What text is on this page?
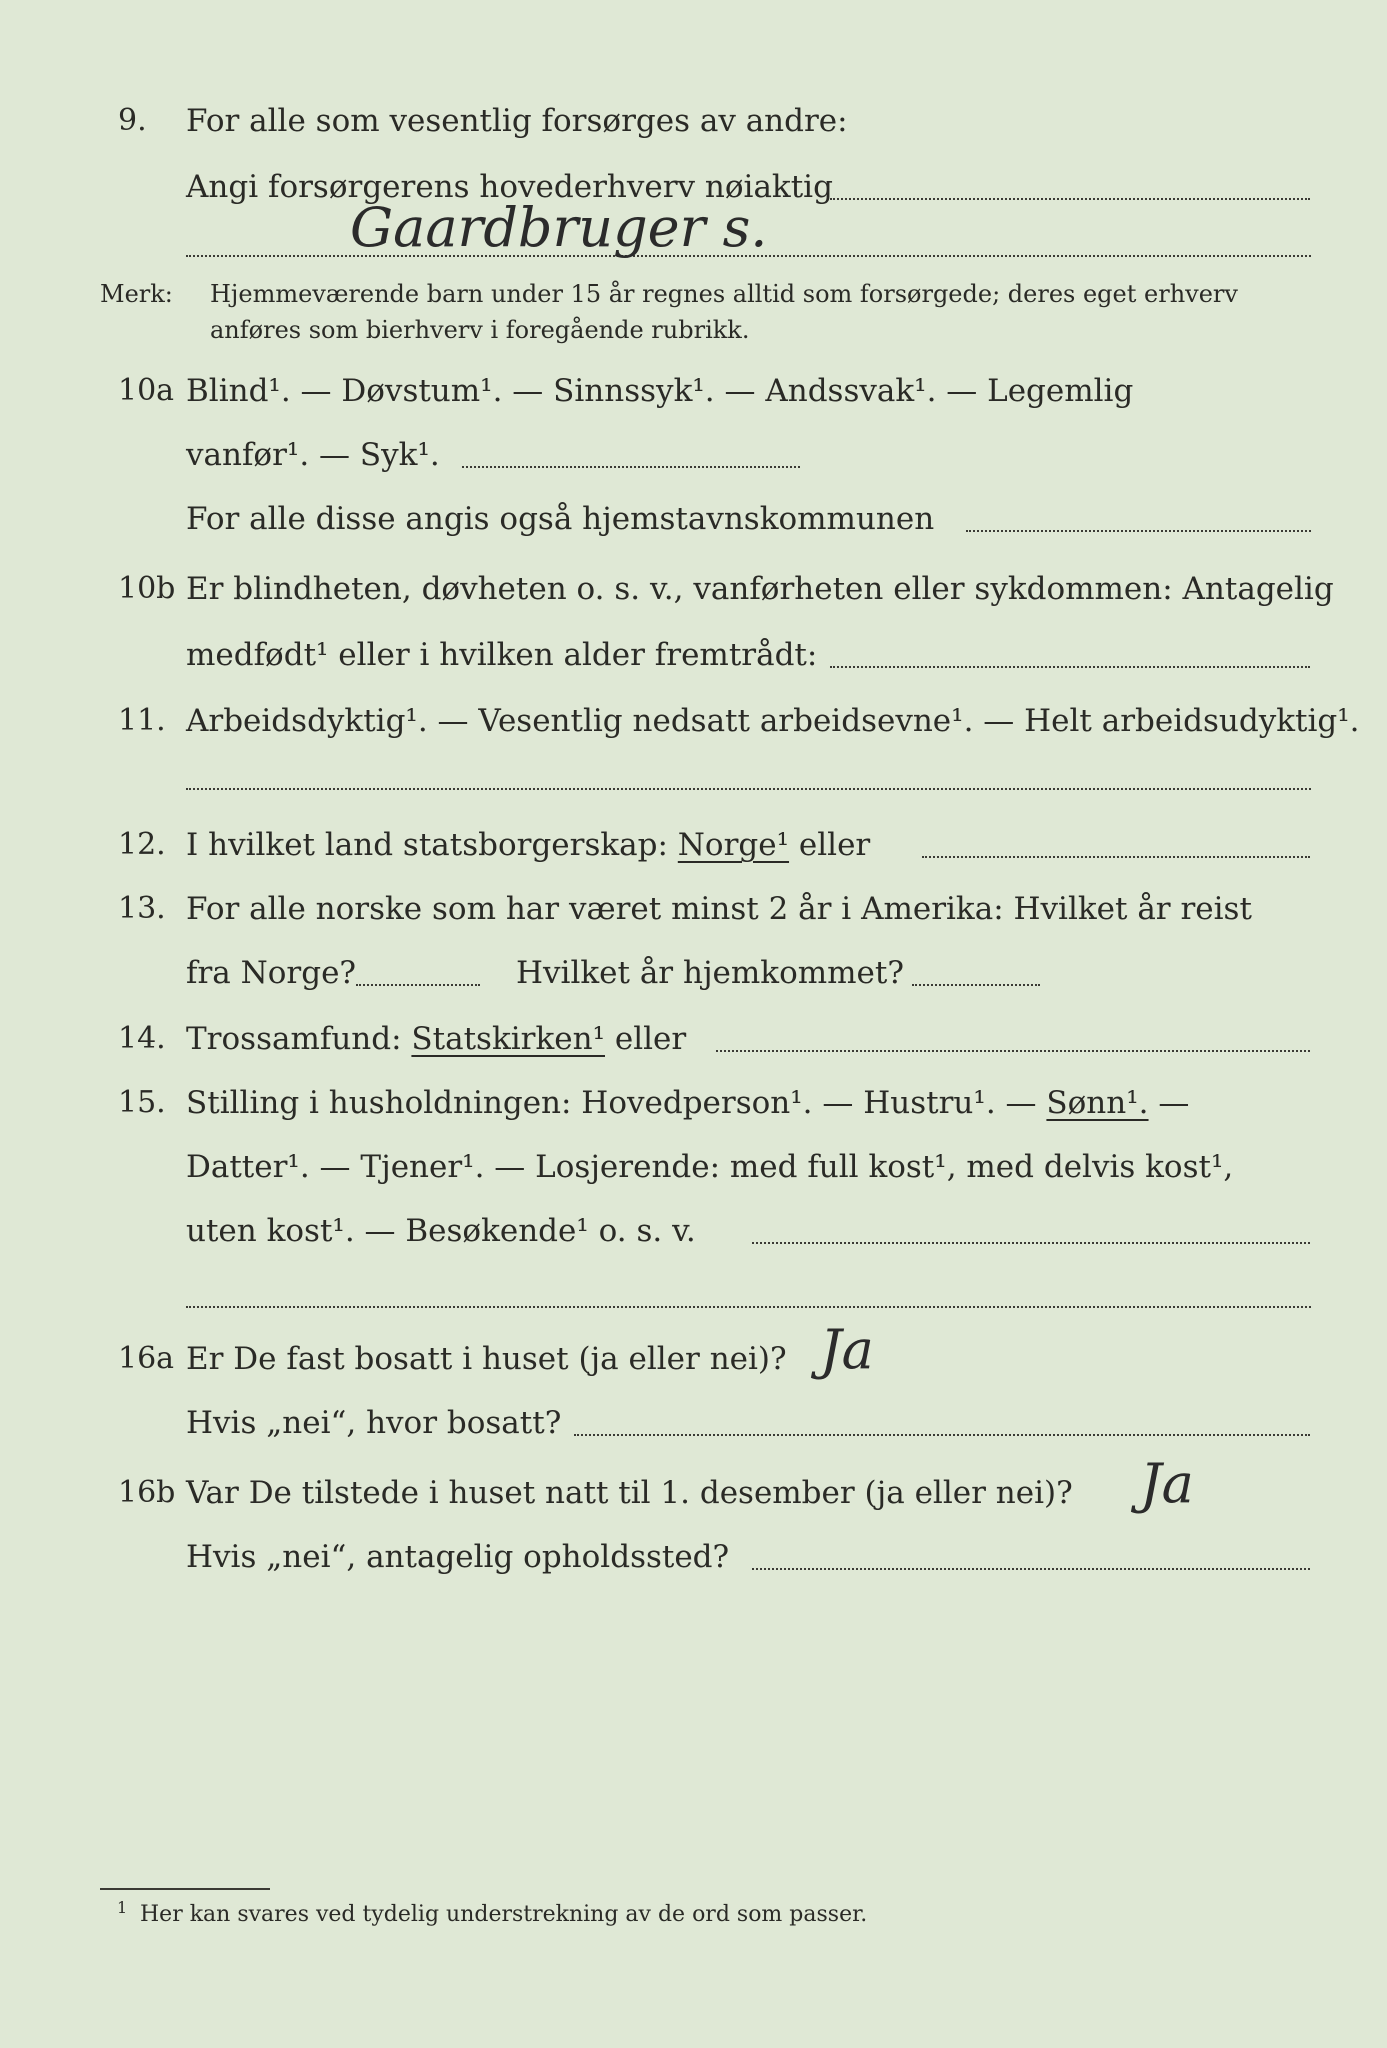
9. For alle som vesentlig forsørges av andre:
Angi forsørgerens hovederhverv nøiaktig
Gaardbruger s.
Merk: Hjemmeværende barn under 15 år regnes alltid som forsørgede; deres eget erhverv
anføres som bierhverv i foregående rubrikk.
10a Blind¹. — Døvstum¹. — Sinnssyk¹. — Andssvak¹. — Legemlig
vanfør¹. — Syk¹.
For alle disse angis også hjemstavnskommunen
10b Er blindheten, døvheten o. s. v., vanførheten eller sykdommen: Antagelig
medfødt¹ eller i hvilken alder fremtrådt:
11. Arbeidsdyktig¹. — Vesentlig nedsatt arbeidsevne¹. — Helt arbeidsudyktig¹.
12. I hvilket land statsborgerskap: Norge¹ eller
13. For alle norske som har været minst 2 år i Amerika: Hvilket år reist
fra Norge?	Hvilket år hjemkommet?
14. Trossamfund: Statskirken¹ eller
15. Stilling i husholdningen: Hovedperson¹. — Hustru¹. — Sønn¹. —
Datter¹. — Tjener¹. — Losjerende: med full kost¹, med delvis kost¹,
uten kost¹. — Besøkende¹ o. s. v.
16a Er De fast bosatt i huset (ja eller nei)? Ja
Hvis „nei“, hvor bosatt?
16b Var De tilstede i huset natt til 1. desember (ja eller nei)? Ja
Hvis „nei“, antagelig opholdssted?
1 Her kan svares ved tydelig understrekning av de ord som passer.
